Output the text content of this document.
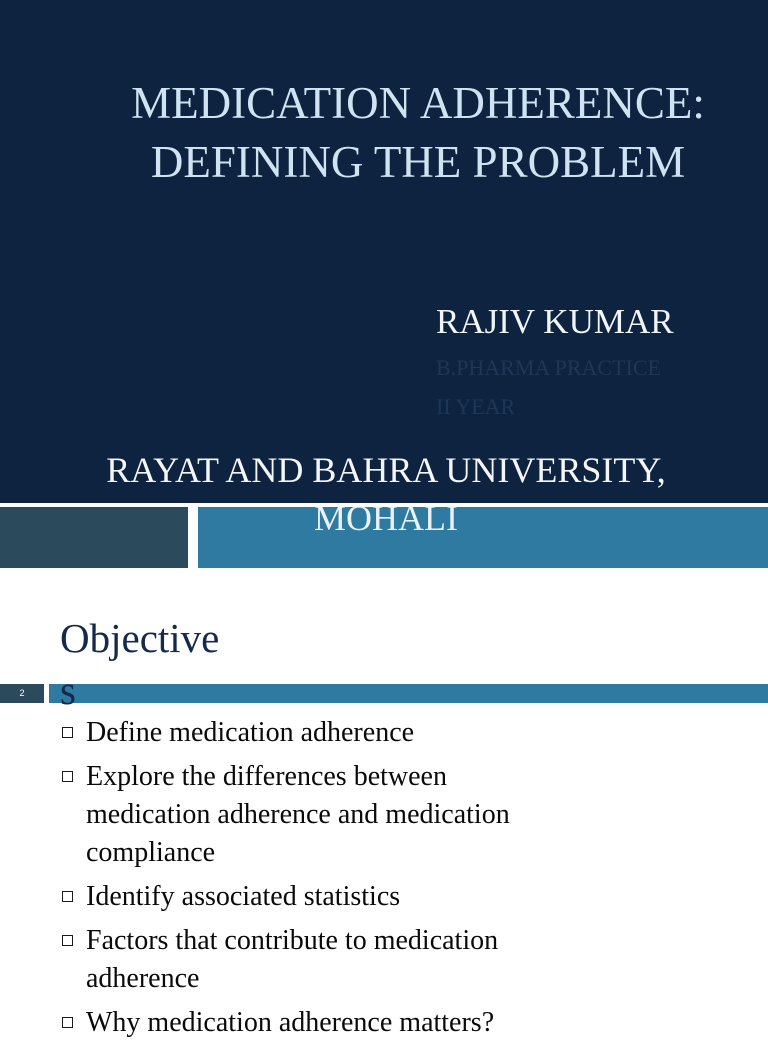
MEDICATION ADHERENCE:
DEFINING THE PROBLEM
RAJIV KUMAR
B.PHARMA PRACTICE
II YEAR
RAYAT AND BAHRA UNIVERSITY,
MOHALI
Objective
2 s
Define medication adherence
Explore the differences between
medication adherence and medication
compliance
Identify associated statistics
Factors that contribute to medication
adherence
Why medication adherence matters?
